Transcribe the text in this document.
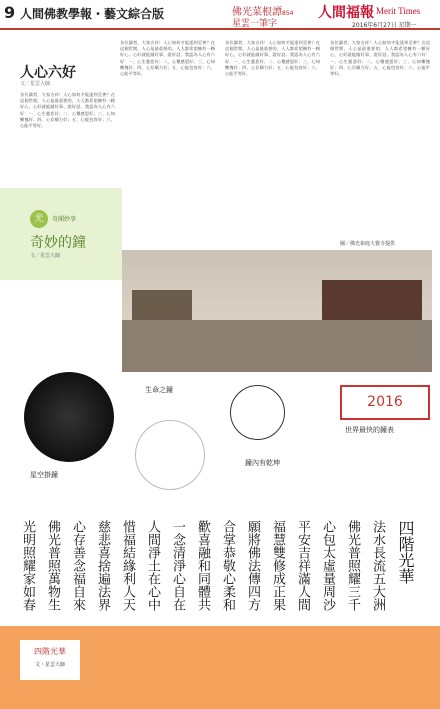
9 人間佛教學報・藝文綜合版	佛光菜根譚854
星雲一筆字
人間福報 Merit Times
2016年6月27日 星期一
人心六好
文／星雲大師
各位讀者，大家吉祥！人心如何才能達到至善？在這個世間，人心是最重要的，人人都希望擁有一顆好心，心好就能做好事、說好話。我認為人心有六好：一、心生慈悲好；二、心懷感恩好；三、心知慚愧好；四、心存願力好；五、心能包容好；六、心能平等好。
各位讀者，大家吉祥！人心如何才能達到至善？在這個世間，人心是最重要的，人人都希望擁有一顆好心，心好就能做好事、說好話。我認為人心有六好：一、心生慈悲好；二、心懷感恩好；三、心知慚愧好；四、心存願力好；五、心能包容好；六、心能平等好。
各位讀者，大家吉祥！人心如何才能達到至善？在這個世間，人心是最重要的，人人都希望擁有一顆好心，心好就能做好事、說好話。我認為人心有六好：一、心生慈悲好；二、心懷感恩好；三、心知慚愧好；四、心存願力好；五、心能包容好；六、心能平等好。
各位讀者，大家吉祥！人心如何才能達到至善？在這個世間，人心是最重要的，人人都希望擁有一顆好心，心好就能做好事、說好話。我認為人心有六好：一、心生慈悲好；二、心懷感恩好；三、心知慚愧好；四、心存願力好；五、心能包容好；六、心能平等好。
光	奇聞妙事
奇妙的鐘
文／星雲大師
圖／佛光祖庭大覺寺提供
星空掛鐘
生命之鐘
鐘內有乾坤
2016
世界最快的鐘表
光明照耀家如春 佛光普照萬物生 心存善念福自來 慈悲喜捨遍法界 惜福結緣利人天 人間淨土在心中 一念清淨心自在 歡喜融和同體共 合掌恭敬心柔和 願將佛法傳四方 福慧雙修成正果 平安吉祥滿人間 心包太虛量周沙 佛光普照耀三千 法水長流五大洲 四階光華
四階光華
文・星雲大師
